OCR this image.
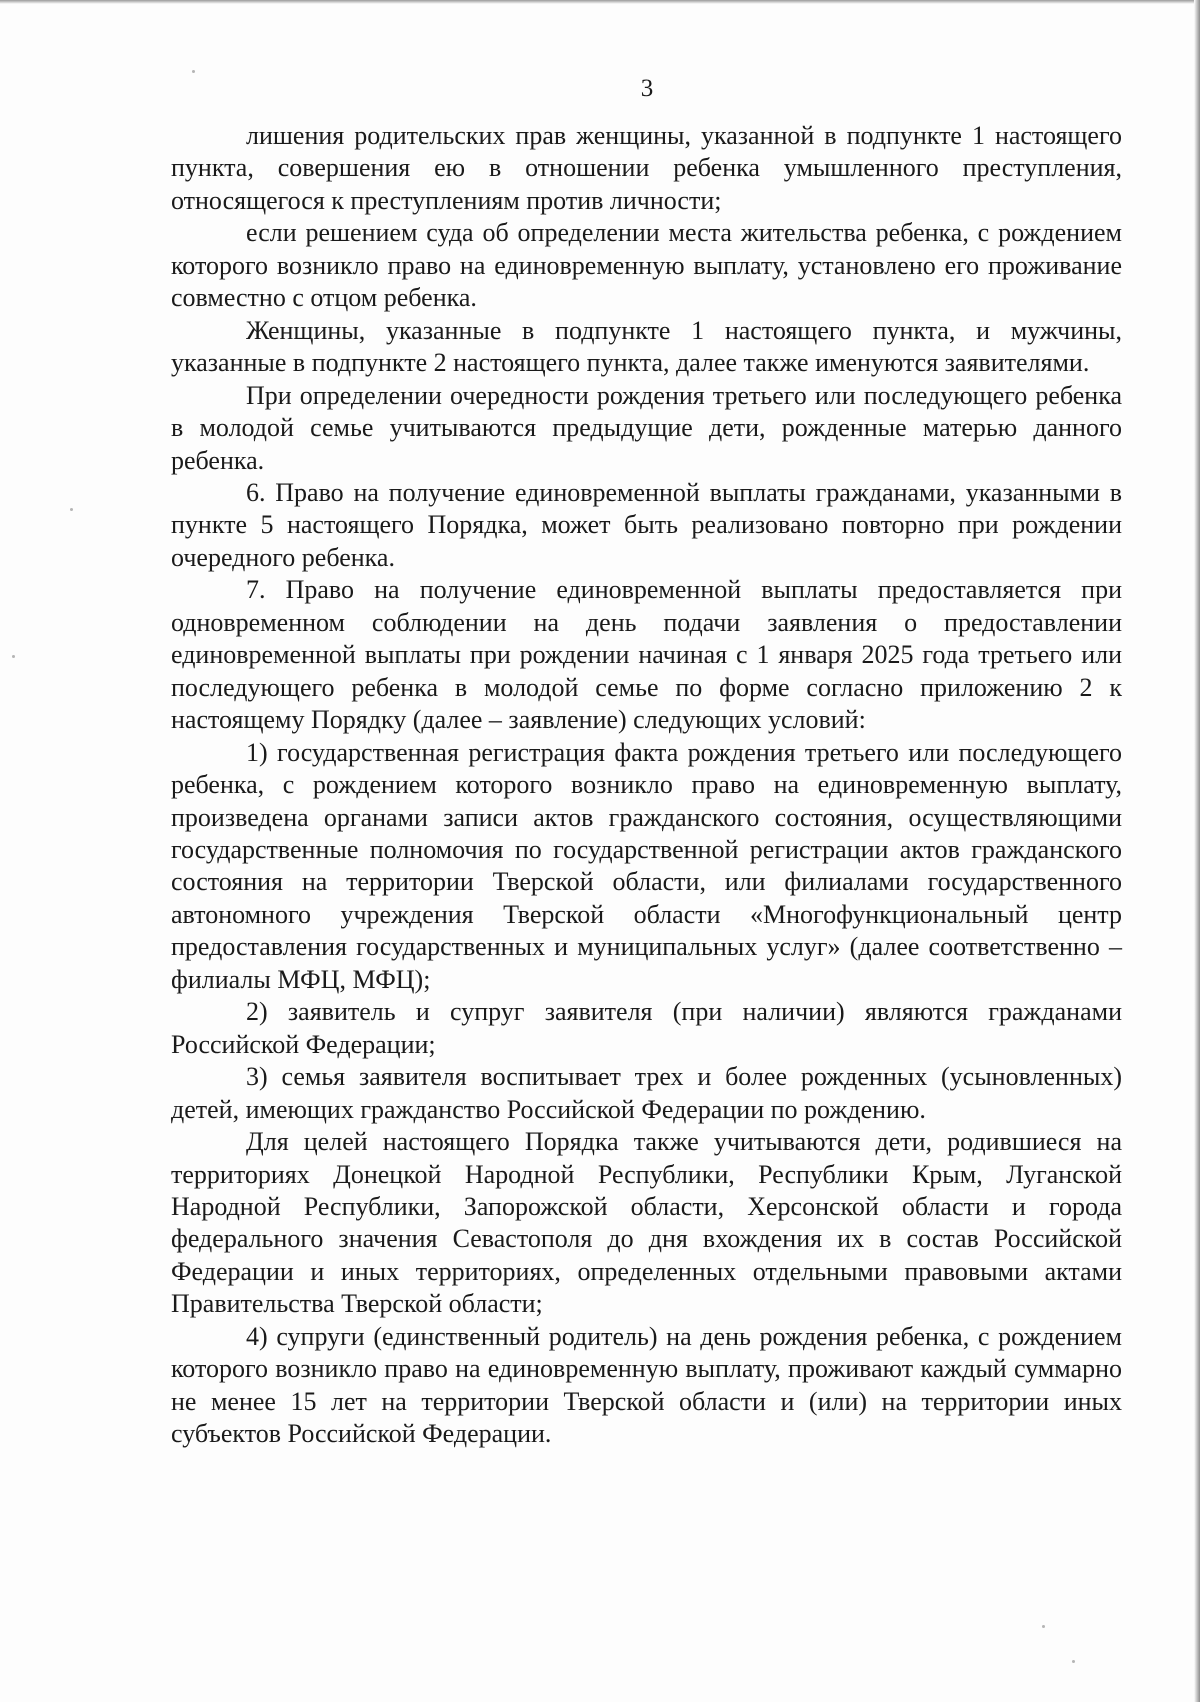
3

лишения родительских прав женщины, указанной в подпункте 1 настоящего пункта, совершения ею в отношении ребенка умышленного преступления, относящегося к преступлениям против личности;

если решением суда об определении места жительства ребенка, с рождением которого возникло право на единовременную выплату, установлено его проживание совместно с отцом ребенка.

Женщины, указанные в подпункте 1 настоящего пункта, и мужчины, указанные в подпункте 2 настоящего пункта, далее также именуются заявителями.

При определении очередности рождения третьего или последующего ребенка в молодой семье учитываются предыдущие дети, рожденные матерью данного ребенка.

6. Право на получение единовременной выплаты гражданами, указанными в пункте 5 настоящего Порядка, может быть реализовано повторно при рождении очередного ребенка.

7. Право на получение единовременной выплаты предоставляется при одновременном соблюдении на день подачи заявления о предоставлении единовременной выплаты при рождении начиная с 1 января 2025 года третьего или последующего ребенка в молодой семье по форме согласно приложению 2 к настоящему Порядку (далее – заявление) следующих условий:

1) государственная регистрация факта рождения третьего или последующего ребенка, с рождением которого возникло право на единовременную выплату, произведена органами записи актов гражданского состояния, осуществляющими государственные полномочия по государственной регистрации актов гражданского состояния на территории Тверской области, или филиалами государственного автономного учреждения Тверской области «Многофункциональный центр предоставления государственных и муниципальных услуг» (далее соответственно – филиалы МФЦ, МФЦ);

2) заявитель и супруг заявителя (при наличии) являются гражданами Российской Федерации;

3) семья заявителя воспитывает трех и более рожденных (усыновленных) детей, имеющих гражданство Российской Федерации по рождению.

Для целей настоящего Порядка также учитываются дети, родившиеся на территориях Донецкой Народной Республики, Республики Крым, Луганской Народной Республики, Запорожской области, Херсонской области и города федерального значения Севастополя до дня вхождения их в состав Российской Федерации и иных территориях, определенных отдельными правовыми актами Правительства Тверской области;

4) супруги (единственный родитель) на день рождения ребенка, с рождением которого возникло право на единовременную выплату, проживают каждый суммарно не менее 15 лет на территории Тверской области и (или) на территории иных субъектов Российской Федерации.
